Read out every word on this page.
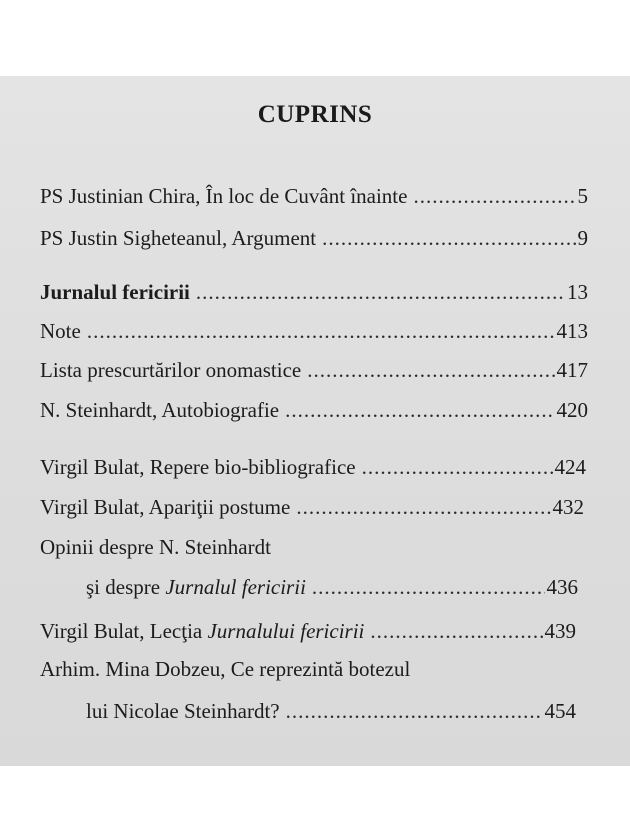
CUPRINS
PS Justinian Chira, În loc de Cuvânt înainte .....	5
PS Justin Sigheteanul, Argument .....	9
Jurnalul fericirii .....	13
Note .....	413
Lista prescurtărilor onomastice .....	417
N. Steinhardt, Autobiografie .....	420
Virgil Bulat, Repere bio-bibliografice .....	424
Virgil Bulat, Apariţii postume .....	432
Opinii despre N. Steinhardt
şi despre Jurnalul fericirii .....	436
Virgil Bulat, Lecţia Jurnalului fericirii .....	439
Arhim. Mina Dobzeu, Ce reprezintă botezul
lui Nicolae Steinhardt? .....	454
